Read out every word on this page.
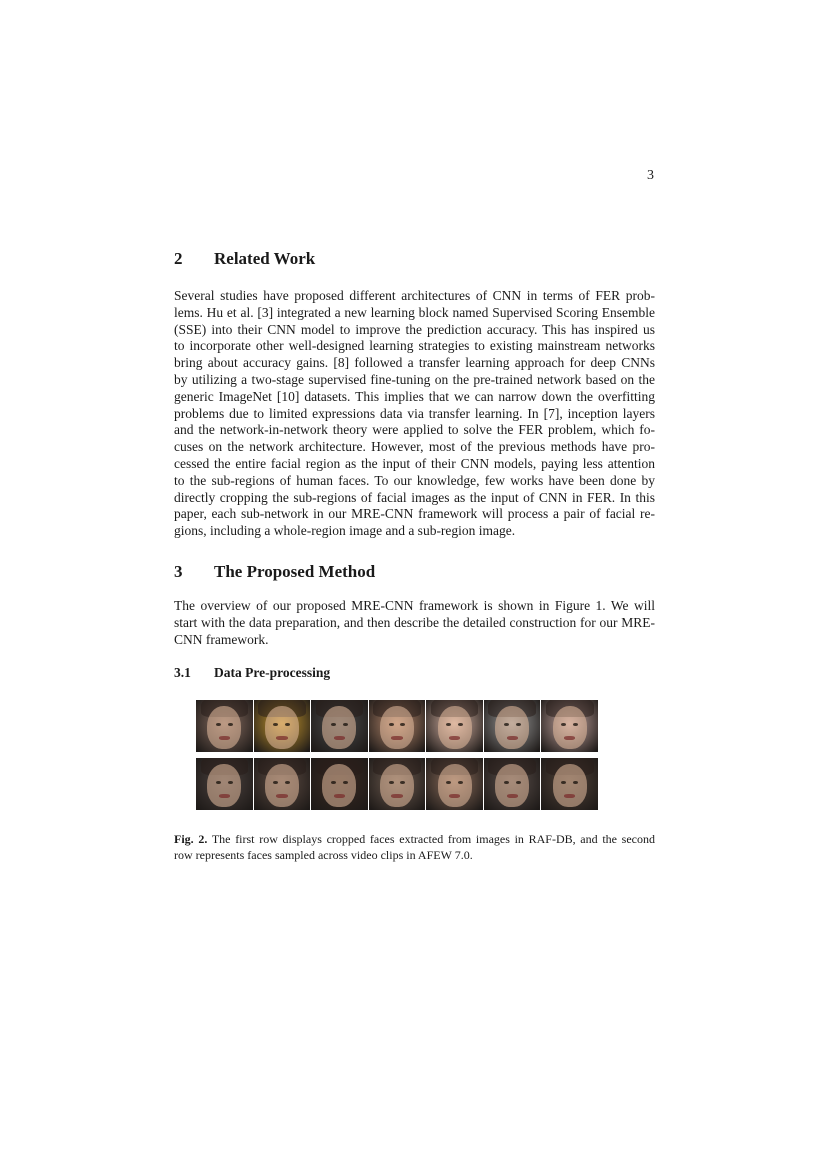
3
2 Related Work
Several studies have proposed different architectures of CNN in terms of FER prob-
lems. Hu et al. [3] integrated a new learning block named Supervised Scoring Ensemble
(SSE) into their CNN model to improve the prediction accuracy. This has inspired us
to incorporate other well-designed learning strategies to existing mainstream networks
bring about accuracy gains. [8] followed a transfer learning approach for deep CNNs
by utilizing a two-stage supervised fine-tuning on the pre-trained network based on the
generic ImageNet [10] datasets. This implies that we can narrow down the overfitting
problems due to limited expressions data via transfer learning. In [7], inception layers
and the network-in-network theory were applied to solve the FER problem, which fo-
cuses on the network architecture. However, most of the previous methods have pro-
cessed the entire facial region as the input of their CNN models, paying less attention
to the sub-regions of human faces. To our knowledge, few works have been done by
directly cropping the sub-regions of facial images as the input of CNN in FER. In this
paper, each sub-network in our MRE-CNN framework will process a pair of facial re-
gions, including a whole-region image and a sub-region image.
3 The Proposed Method
The overview of our proposed MRE-CNN framework is shown in Figure 1. We will
start with the data preparation, and then describe the detailed construction for our MRE-
CNN framework.
3.1 Data Pre-processing
Fig. 2. The first row displays cropped faces extracted from images in RAF-DB, and the second
row represents faces sampled across video clips in AFEW 7.0.
